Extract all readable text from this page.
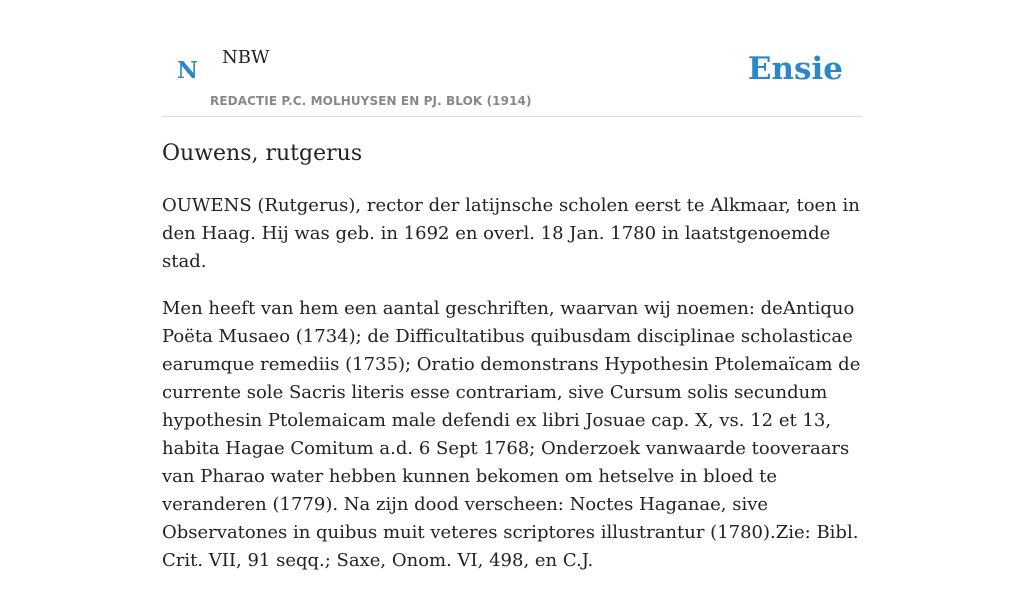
N NBW
REDACTIE P.C. MOLHUYSEN EN PJ. BLOK (1914)
Ensie
Ouwens, rutgerus

OUWENS (Rutgerus), rector der latijnsche scholen eerst te Alkmaar, toen in den Haag. Hij was geb. in 1692 en overl. 18 Jan. 1780 in laatstgenoemde stad.

Men heeft van hem een aantal geschriften, waarvan wij noemen: deAntiquo Poëta Musaeo (1734); de Difficultatibus quibusdam disciplinae scholasticae earumque remediis (1735); Oratio demonstrans Hypothesin Ptolemaïcam de currente sole Sacris literis esse contrariam, sive Cursum solis secundum hypothesin Ptolemaicam male defendi ex libri Josuae cap. X, vs. 12 et 13, habita Hagae Comitum a.d. 6 Sept 1768; Onderzoek vanwaarde tooveraars van Pharao water hebben kunnen bekomen om hetselve in bloed te veranderen (1779). Na zijn dood verscheen: Noctes Haganae, sive Observatones in quibus muit veteres scriptores illustrantur (1780).Zie: Bibl. Crit. VII, 91 seqq.; Saxe, Onom. VI, 498, en C.J.
